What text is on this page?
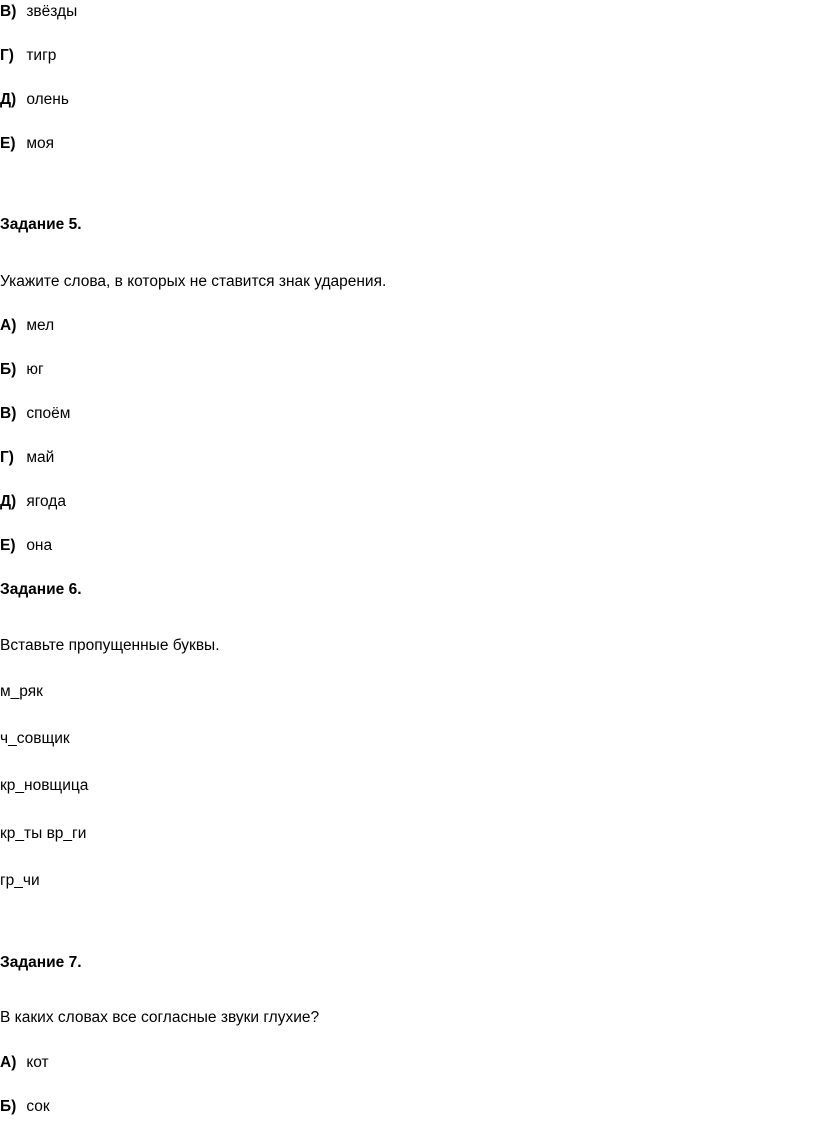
В) звёзды
Г) тигр
Д) олень
Е) моя
Задание 5.
Укажите слова, в которых не ставится знак ударения.
А) мел
Б) юг
В) споём
Г) май
Д) ягода
Е) она
Задание 6.
Вставьте пропущенные буквы.
м_ряк
ч_совщик
кр_новщица
кр_ты вр_ги
гр_чи
Задание 7.
В каких словах все согласные звуки глухие?
А) кот
Б) сок
